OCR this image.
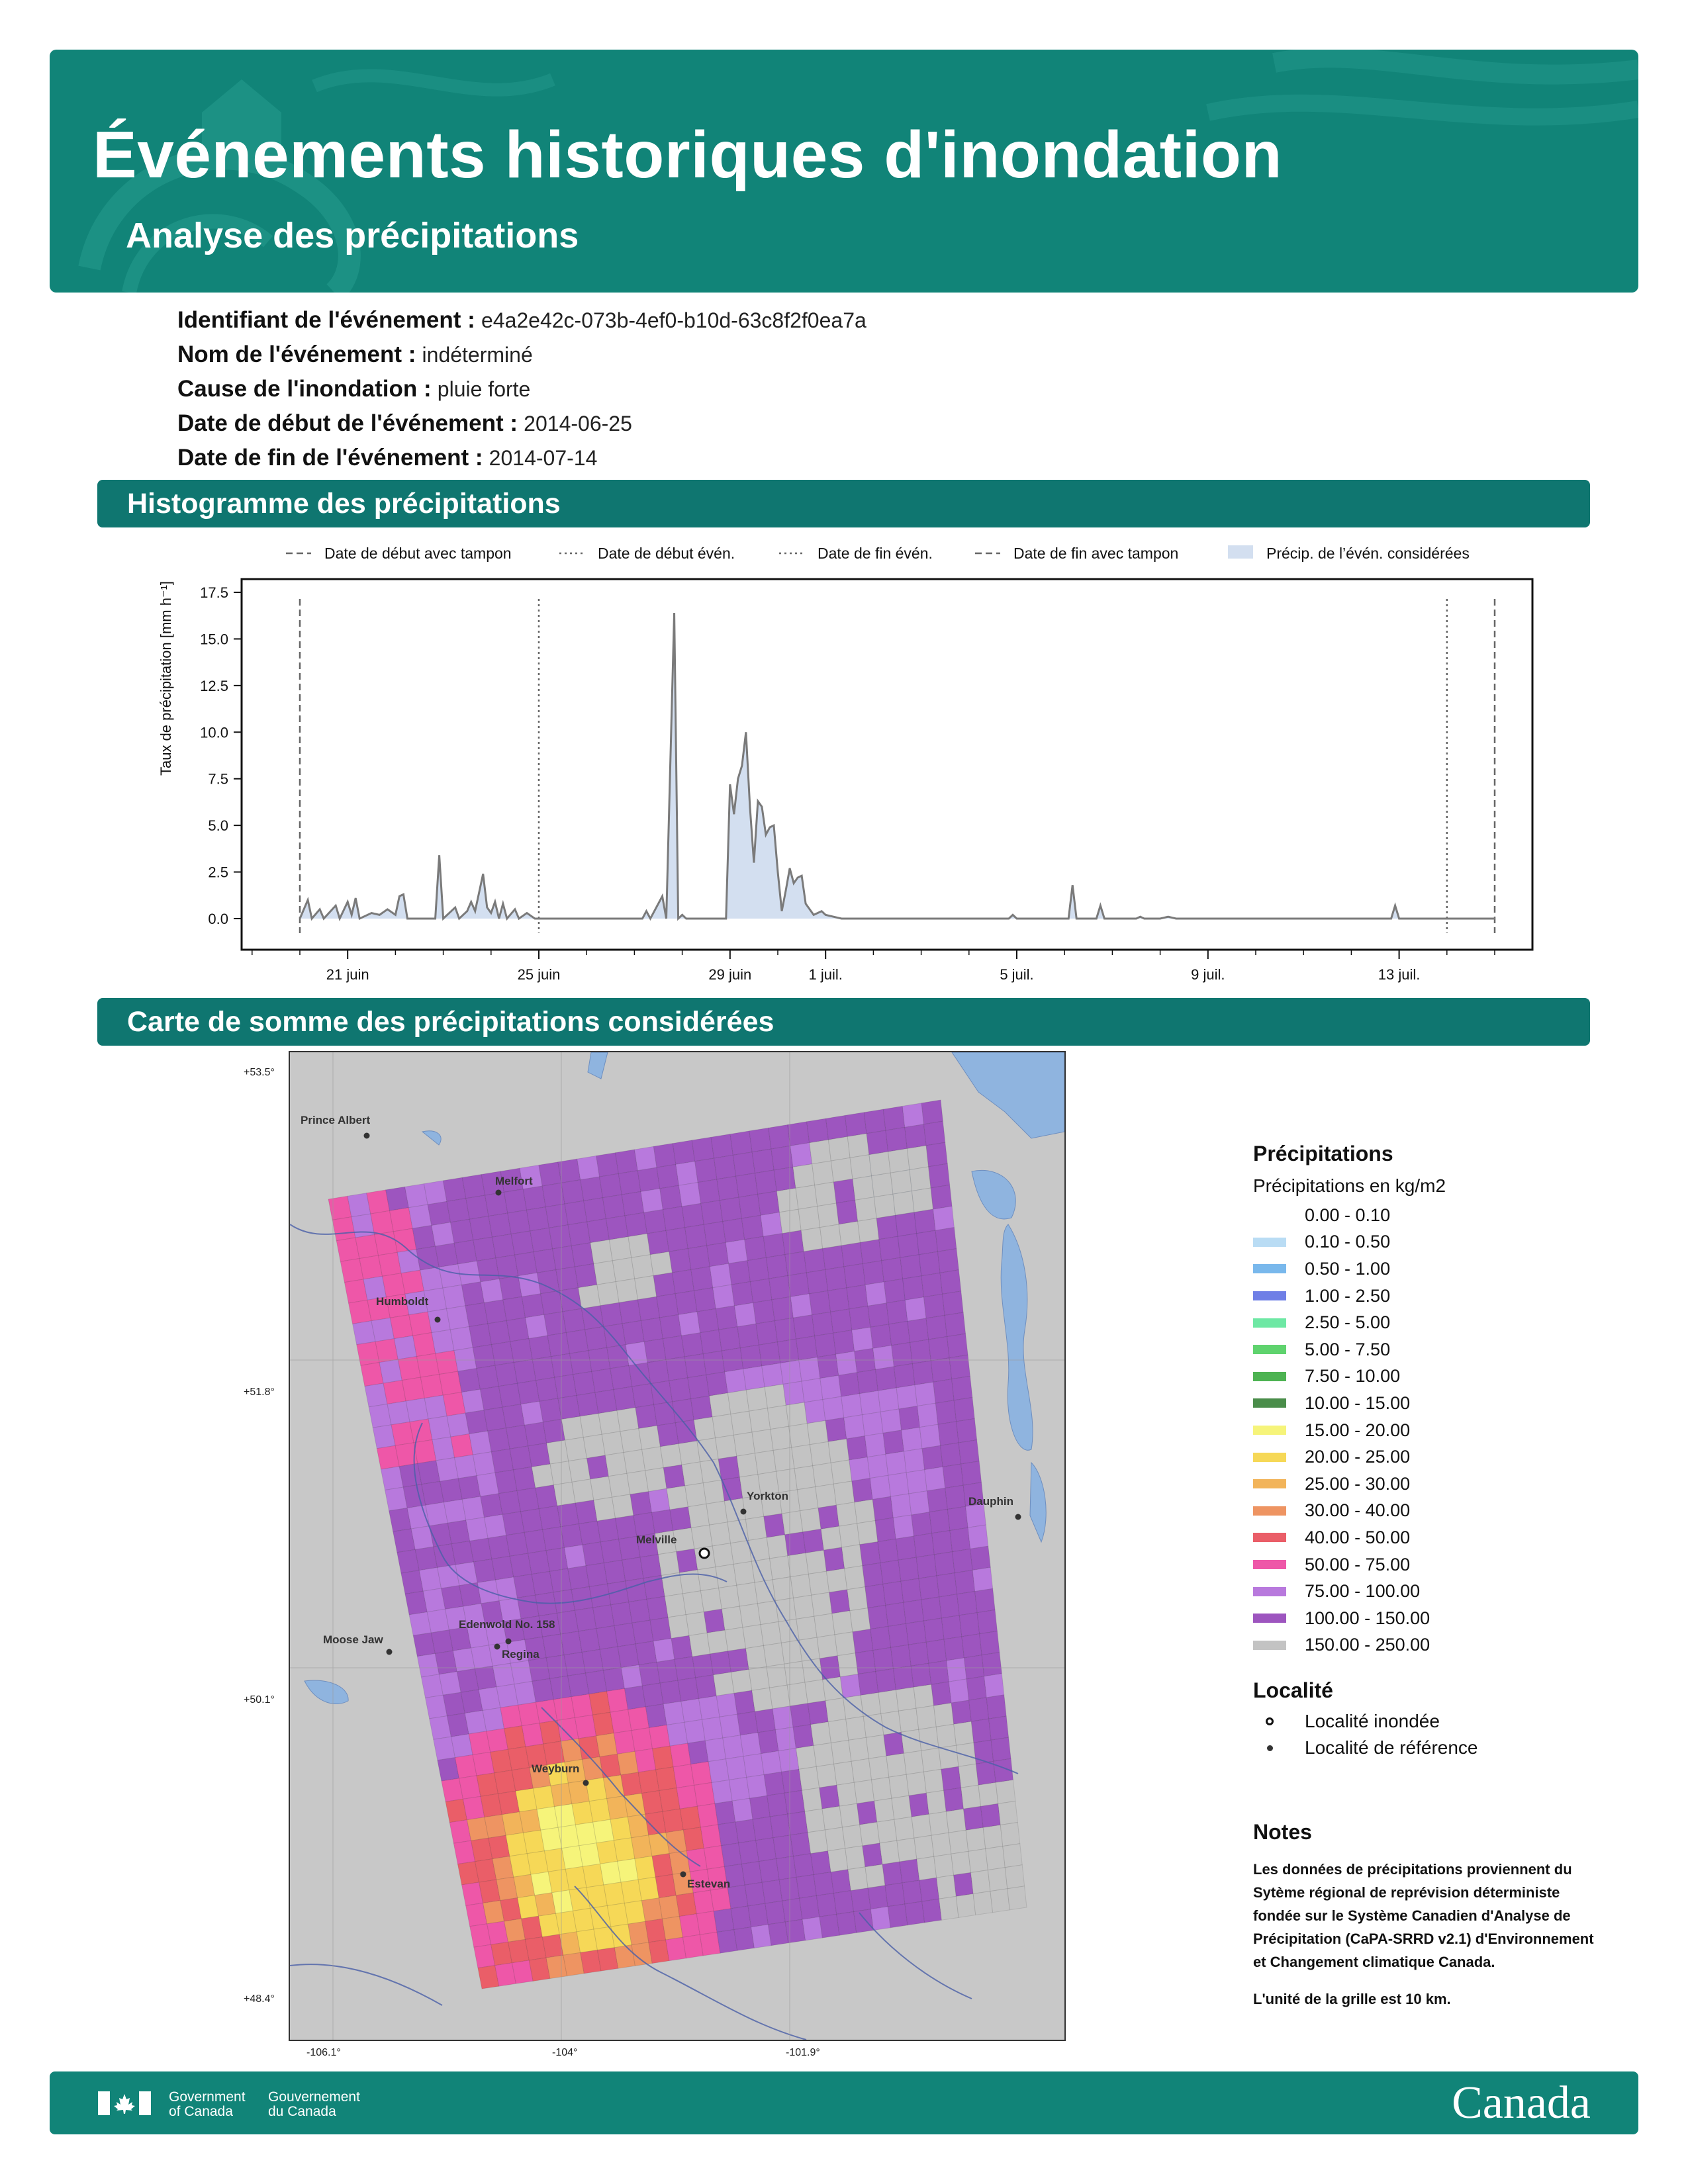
Événements historiques d'inondation
Analyse des précipitations
Identifiant de l'événement : e4a2e42c-073b-4ef0-b10d-63c8f2f0ea7a
Nom de l'événement : indéterminé
Cause de l'inondation : pluie forte
Date de début de l'événement : 2014-06-25
Date de fin de l'événement : 2014-07-14
Histogramme des précipitations
Date de début avec tampon	Date de début évén.	Date de fin évén.	Date de fin avec tampon	Précip. de l’évén. considérées
0.0
2.5
5.0
7.5
10.0
12.5
15.0
17.5
21 juin	25 juin	29 juin	1 juil.	5 juil.	9 juil.	13 juil.
Taux de précipitation [mm h⁻¹]
Carte de somme des précipitations considérées
Prince Albert
Melfort
Humboldt
Yorkton	Dauphin
Melville
Edenwold No. 158
Regina
Moose Jaw
Weyburn
Estevan
+53.5°
+51.8°
+50.1°
+48.4°
-106.1°	-104°	-101.9°
Précipitations
Précipitations en kg/m2
0.00 - 0.10
0.10 - 0.50
0.50 - 1.00
1.00 - 2.50
2.50 - 5.00
5.00 - 7.50
7.50 - 10.00
10.00 - 15.00
15.00 - 20.00
20.00 - 25.00
25.00 - 30.00
30.00 - 40.00
40.00 - 50.00
50.00 - 75.00
75.00 - 100.00
100.00 - 150.00
150.00 - 250.00
Localité
Localité inondée
Localité de référence
Notes

Les données de précipitations proviennent du Sytème régional de reprévision déterministe fondée sur le Système Canadien d'Analyse de Précipitation (CaPA-SRRD v2.1) d'Environnement et Changement climatique Canada.

L'unité de la grille est 10 km.

Government of Canada
Gouvernement du Canada	Canada
